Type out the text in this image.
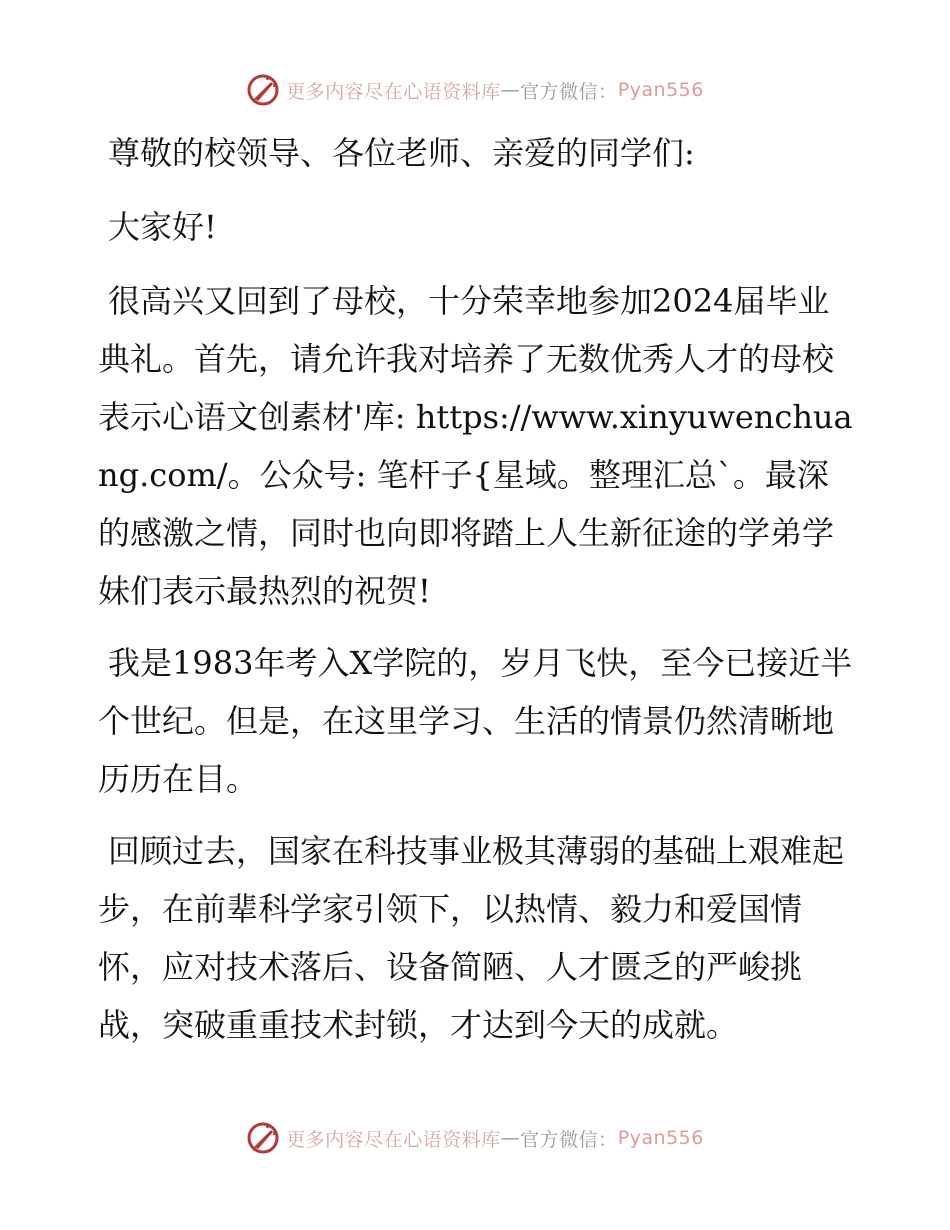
更多内容尽在心语资料库 — 官方微信： Pyan556

尊敬的校领导、各位老师、亲爱的同学们:

大家好!

很高兴又回到了母校，十分荣幸地参加2024届毕业典礼。首先，请允许我对培养了无数优秀人才的母校表示心语文创素材'库: https://www.xinyuwenchuang.com/。公众号: 笔杆子{星域。整理汇总`。最深的感激之情，同时也向即将踏上人生新征途的学弟学妹们表示最热烈的祝贺!

我是1983年考入X学院的，岁月飞快，至今已接近半个世纪。但是，在这里学习、生活的情景仍然清晰地历历在目。

回顾过去，国家在科技事业极其薄弱的基础上艰难起步，在前辈科学家引领下，以热情、毅力和爱国情怀，应对技术落后、设备简陋、人才匮乏的严峻挑战，突破重重技术封锁，才达到今天的成就。

更多内容尽在心语资料库 — 官方微信： Pyan556
